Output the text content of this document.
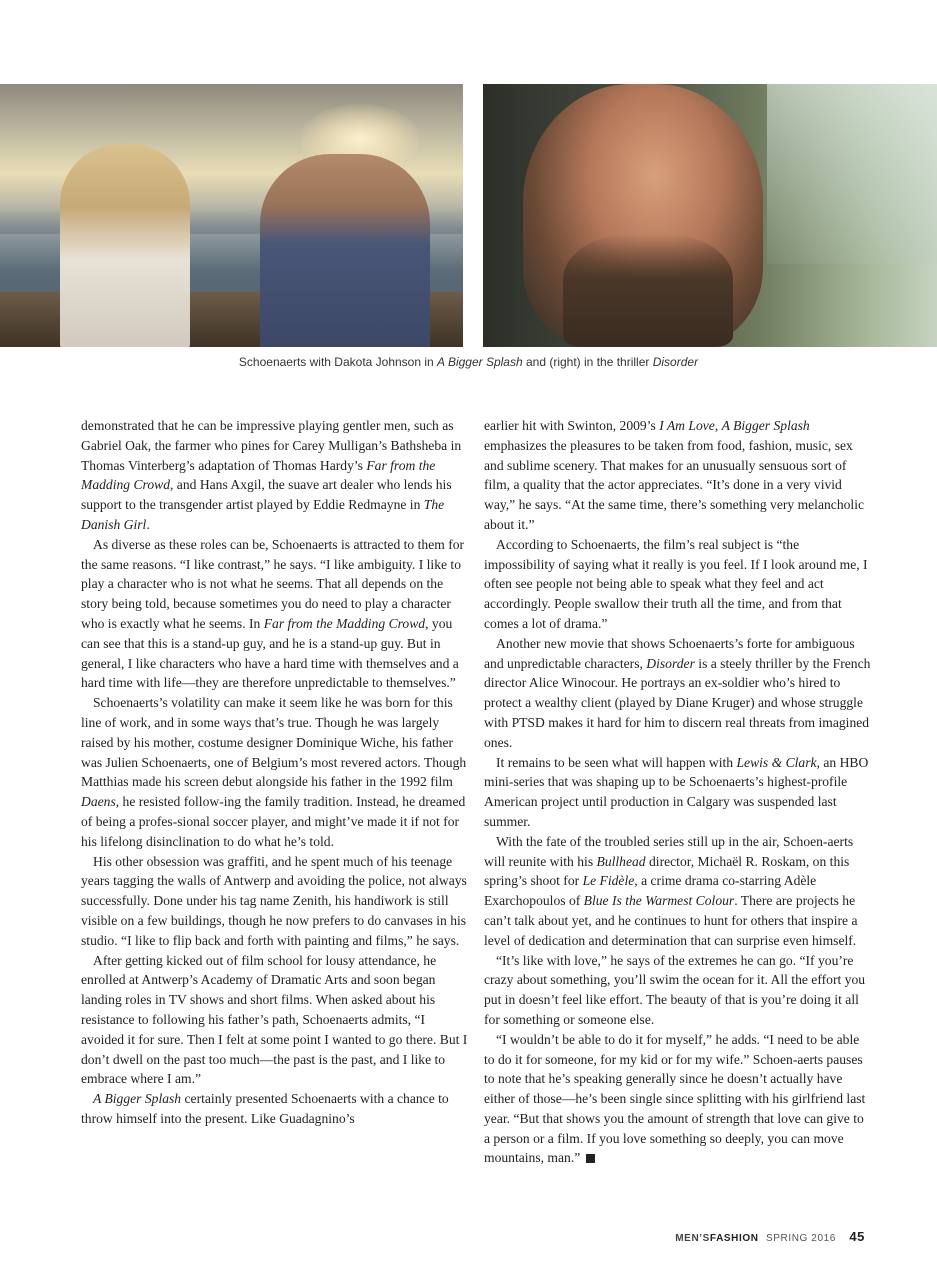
Schoenaerts with Dakota Johnson in A Bigger Splash and (right) in the thriller Disorder

demonstrated that he can be impressive playing gentler men, such as Gabriel Oak, the farmer who pines for Carey Mulligan’s Bathsheba in Thomas Vinterberg’s adaptation of Thomas Hardy’s Far from the Madding Crowd, and Hans Axgil, the suave art dealer who lends his support to the transgender artist played by Eddie Redmayne in The Danish Girl.

As diverse as these roles can be, Schoenaerts is attracted to them for the same reasons. “I like contrast,” he says. “I like ambiguity. I like to play a character who is not what he seems. That all depends on the story being told, because sometimes you do need to play a character who is exactly what he seems. In Far from the Madding Crowd, you can see that this is a stand-up guy, and he is a stand-up guy. But in general, I like characters who have a hard time with themselves and a hard time with life—they are therefore unpredictable to themselves.”

Schoenaerts’s volatility can make it seem like he was born for this line of work, and in some ways that’s true. Though he was largely raised by his mother, costume designer Dominique Wiche, his father was Julien Schoenaerts, one of Belgium’s most revered actors. Though Matthias made his screen debut alongside his father in the 1992 film Daens, he resisted follow-ing the family tradition. Instead, he dreamed of being a profes-sional soccer player, and might’ve made it if not for his lifelong disinclination to do what he’s told.

His other obsession was graffiti, and he spent much of his teenage years tagging the walls of Antwerp and avoiding the police, not always successfully. Done under his tag name Zenith, his handiwork is still visible on a few buildings, though he now prefers to do canvases in his studio. “I like to flip back and forth with painting and films,” he says.

After getting kicked out of film school for lousy attendance, he enrolled at Antwerp’s Academy of Dramatic Arts and soon began landing roles in TV shows and short films. When asked about his resistance to following his father’s path, Schoenaerts admits, “I avoided it for sure. Then I felt at some point I wanted to go there. But I don’t dwell on the past too much—the past is the past, and I like to embrace where I am.”

A Bigger Splash certainly presented Schoenaerts with a chance to throw himself into the present. Like Guadagnino’s

earlier hit with Swinton, 2009’s I Am Love, A Bigger Splash emphasizes the pleasures to be taken from food, fashion, music, sex and sublime scenery. That makes for an unusually sensuous sort of film, a quality that the actor appreciates. “It’s done in a very vivid way,” he says. “At the same time, there’s something very melancholic about it.”

According to Schoenaerts, the film’s real subject is “the impossibility of saying what it really is you feel. If I look around me, I often see people not being able to speak what they feel and act accordingly. People swallow their truth all the time, and from that comes a lot of drama.”

Another new movie that shows Schoenaerts’s forte for ambiguous and unpredictable characters, Disorder is a steely thriller by the French director Alice Winocour. He portrays an ex-soldier who’s hired to protect a wealthy client (played by Diane Kruger) and whose struggle with PTSD makes it hard for him to discern real threats from imagined ones.

It remains to be seen what will happen with Lewis & Clark, an HBO mini-series that was shaping up to be Schoenaerts’s highest-profile American project until production in Calgary was suspended last summer.

With the fate of the troubled series still up in the air, Schoen-aerts will reunite with his Bullhead director, Michaël R. Roskam, on this spring’s shoot for Le Fidèle, a crime drama co-starring Adèle Exarchopoulos of Blue Is the Warmest Colour. There are projects he can’t talk about yet, and he continues to hunt for others that inspire a level of dedication and determination that can surprise even himself.

“It’s like with love,” he says of the extremes he can go. “If you’re crazy about something, you’ll swim the ocean for it. All the effort you put in doesn’t feel like effort. The beauty of that is you’re doing it all for something or someone else.

“I wouldn’t be able to do it for myself,” he adds. “I need to be able to do it for someone, for my kid or for my wife.” Schoen-aerts pauses to note that he’s speaking generally since he doesn’t actually have either of those—he’s been single since splitting with his girlfriend last year. “But that shows you the amount of strength that love can give to a person or a film. If you love something so deeply, you can move mountains, man.”

MEN’SFASHION SPRING 2016 45
